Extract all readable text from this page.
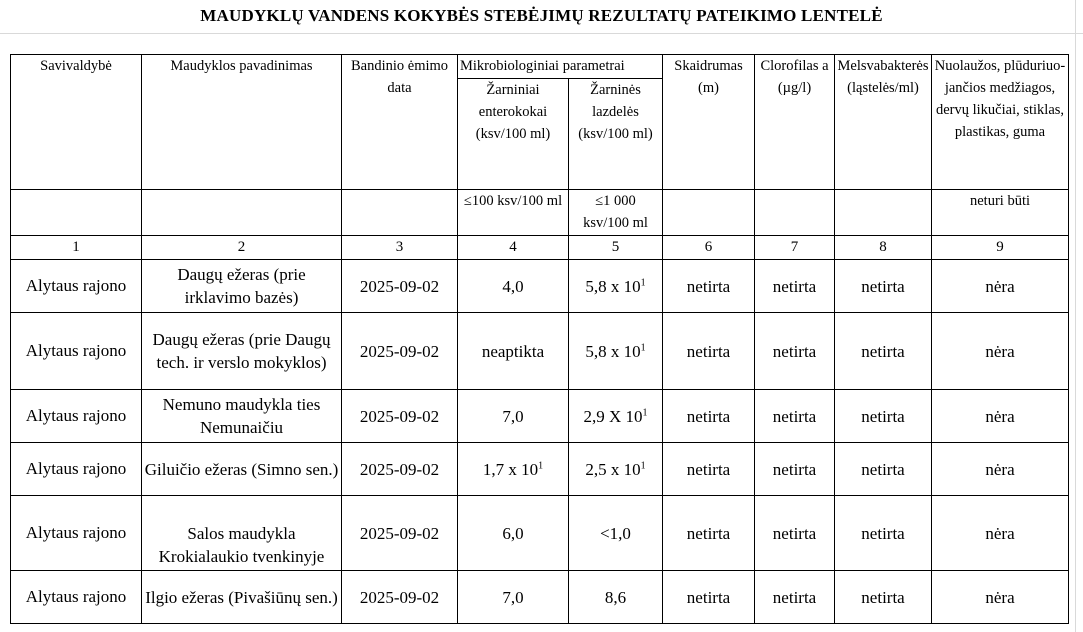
MAUDYKLŲ VANDENS KOKYBĖS STEBĖJIMŲ REZULTATŲ PATEIKIMO LENTELĖ
Savivaldybė	Maudyklos pavadinimas	Bandinio ėmimo data	Mikrobiologiniai parametrai		Skaidrumas (m)	Clorofilas a (µg/l)	Melsvabakterės (ląstelės/ml)	Nuolaužos, plūduriuo-jančios medžiagos, dervų likučiai, stiklas, plastikas, guma
			Žarniniai enterokokai (ksv/100 ml)	Žarninės lazdelės (ksv/100 ml)				
			≤100 ksv/100 ml	≤1 000 ksv/100 ml				neturi būti
1	2	3	4	5	6	7	8	9
Alytaus rajono	Daugų ežeras (prie irklavimo bazės)	2025-09-02	4,0	5,8 x $10^1$	netirta	netirta	netirta	nėra
Alytaus rajono	Daugų ežeras (prie Daugų tech. ir verslo mokyklos)	2025-09-02	neaptikta	5,8 x $10^1$	netirta	netirta	netirta	nėra
Alytaus rajono	Nemuno maudykla ties Nemunaičiu	2025-09-02	7,0	2,9 X $10^1$	netirta	netirta	netirta	nėra
Alytaus rajono	Giluičio ežeras (Simno sen.)	2025-09-02	1,7 x $10^1$	2,5 x $10^1$	netirta	netirta	netirta	nėra
Alytaus rajono	Salos maudykla Krokialaukio tvenkinyje	2025-09-02	6,0	<1,0	netirta	netirta	netirta	nėra
Alytaus rajono	Ilgio ežeras (Pivašiūnų sen.)	2025-09-02	7,0	8,6	netirta	netirta	netirta	nėra
